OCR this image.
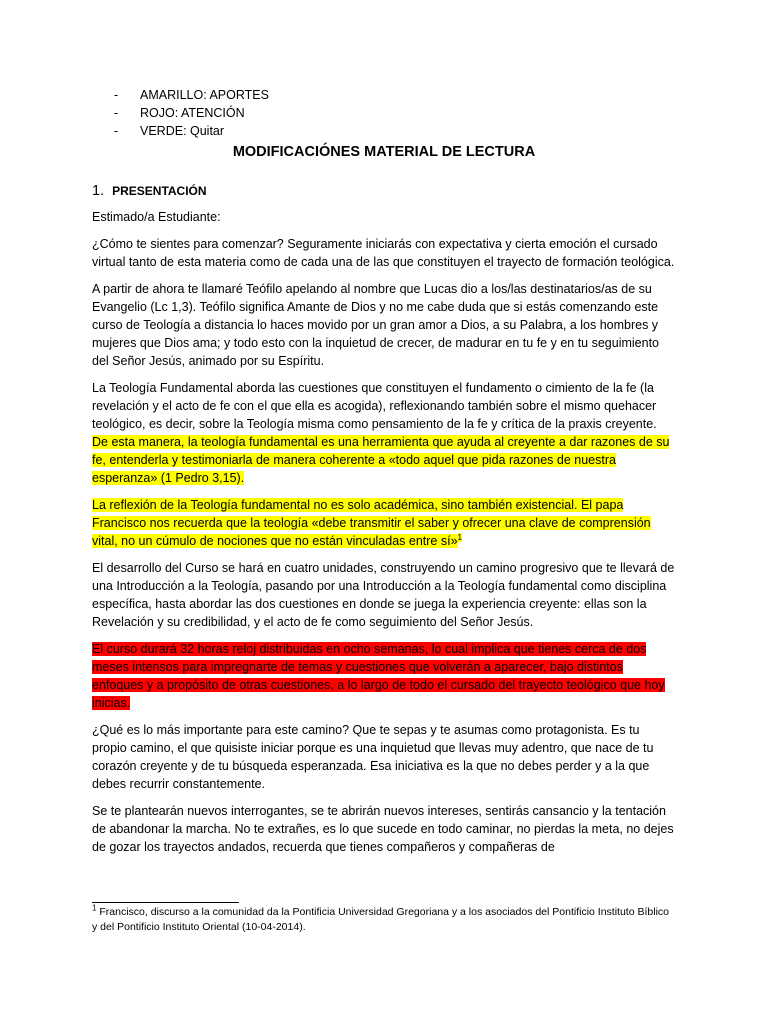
-	AMARILLO: APORTES
-	ROJO: ATENCIÓN
-	VERDE: Quitar
MODIFICACIÓNES MATERIAL DE LECTURA
1. PRESENTACIÓN

Estimado/a Estudiante:

¿Cómo te sientes para comenzar? Seguramente iniciarás con expectativa y cierta emoción el cursado virtual tanto de esta materia como de cada una de las que constituyen el trayecto de formación teológica.

A partir de ahora te llamaré Teófilo apelando al nombre que Lucas dio a los/las destinatarios/as de su Evangelio (Lc 1,3). Teófilo significa Amante de Dios y no me cabe duda que si estás comenzando este curso de Teología a distancia lo haces movido por un gran amor a Dios, a su Palabra, a los hombres y mujeres que Dios ama; y todo esto con la inquietud de crecer, de madurar en tu fe y en tu seguimiento del Señor Jesús, animado por su Espíritu.

La Teología Fundamental aborda las cuestiones que constituyen el fundamento o cimiento de la fe (la revelación y el acto de fe con el que ella es acogida), reflexionando también sobre el mismo quehacer teológico, es decir, sobre la Teología misma como pensamiento de la fe y crítica de la praxis creyente. De esta manera, la teología fundamental es una herramienta que ayuda al creyente a dar razones de su fe, entenderla y testimoniarla de manera coherente a «todo aquel que pida razones de nuestra esperanza» (1 Pedro 3,15).

La reflexión de la Teología fundamental no es solo académica, sino también existencial. El papa Francisco nos recuerda que la teología «debe transmitir el saber y ofrecer una clave de comprensión vital, no un cúmulo de nociones que no están vinculadas entre sí»$^1$

El desarrollo del Curso se hará en cuatro unidades, construyendo un camino progresivo que te llevará de una Introducción a la Teología, pasando por una Introducción a la Teología fundamental como disciplina específica, hasta abordar las dos cuestiones en donde se juega la experiencia creyente: ellas son la Revelación y su credibilidad, y el acto de fe como seguimiento del Señor Jesús.

El curso durará 32 horas reloj distribuidas en ocho semanas, lo cual implica que tienes cerca de dos meses intensos para impregnarte de temas y cuestiones que volverán a aparecer, bajo distintos enfoques y a propósito de otras cuestiones, a lo largo de todo el cursado del trayecto teológico que hoy inicias.

¿Qué es lo más importante para este camino? Que te sepas y te asumas como protagonista. Es tu propio camino, el que quisiste iniciar porque es una inquietud que llevas muy adentro, que nace de tu corazón creyente y de tu búsqueda esperanzada. Esa iniciativa es la que no debes perder y a la que debes recurrir constantemente.

Se te plantearán nuevos interrogantes, se te abrirán nuevos intereses, sentirás cansancio y la tentación de abandonar la marcha. No te extrañes, es lo que sucede en todo caminar, no pierdas la meta, no dejes de gozar los trayectos andados, recuerda que tienes compañeros y compañeras de

$^1$ Francisco, discurso a la comunidad da la Pontificia Universidad Gregoriana y a los asociados del Pontificio Instituto Bíblico y del Pontificio Instituto Oriental (10-04-2014).
